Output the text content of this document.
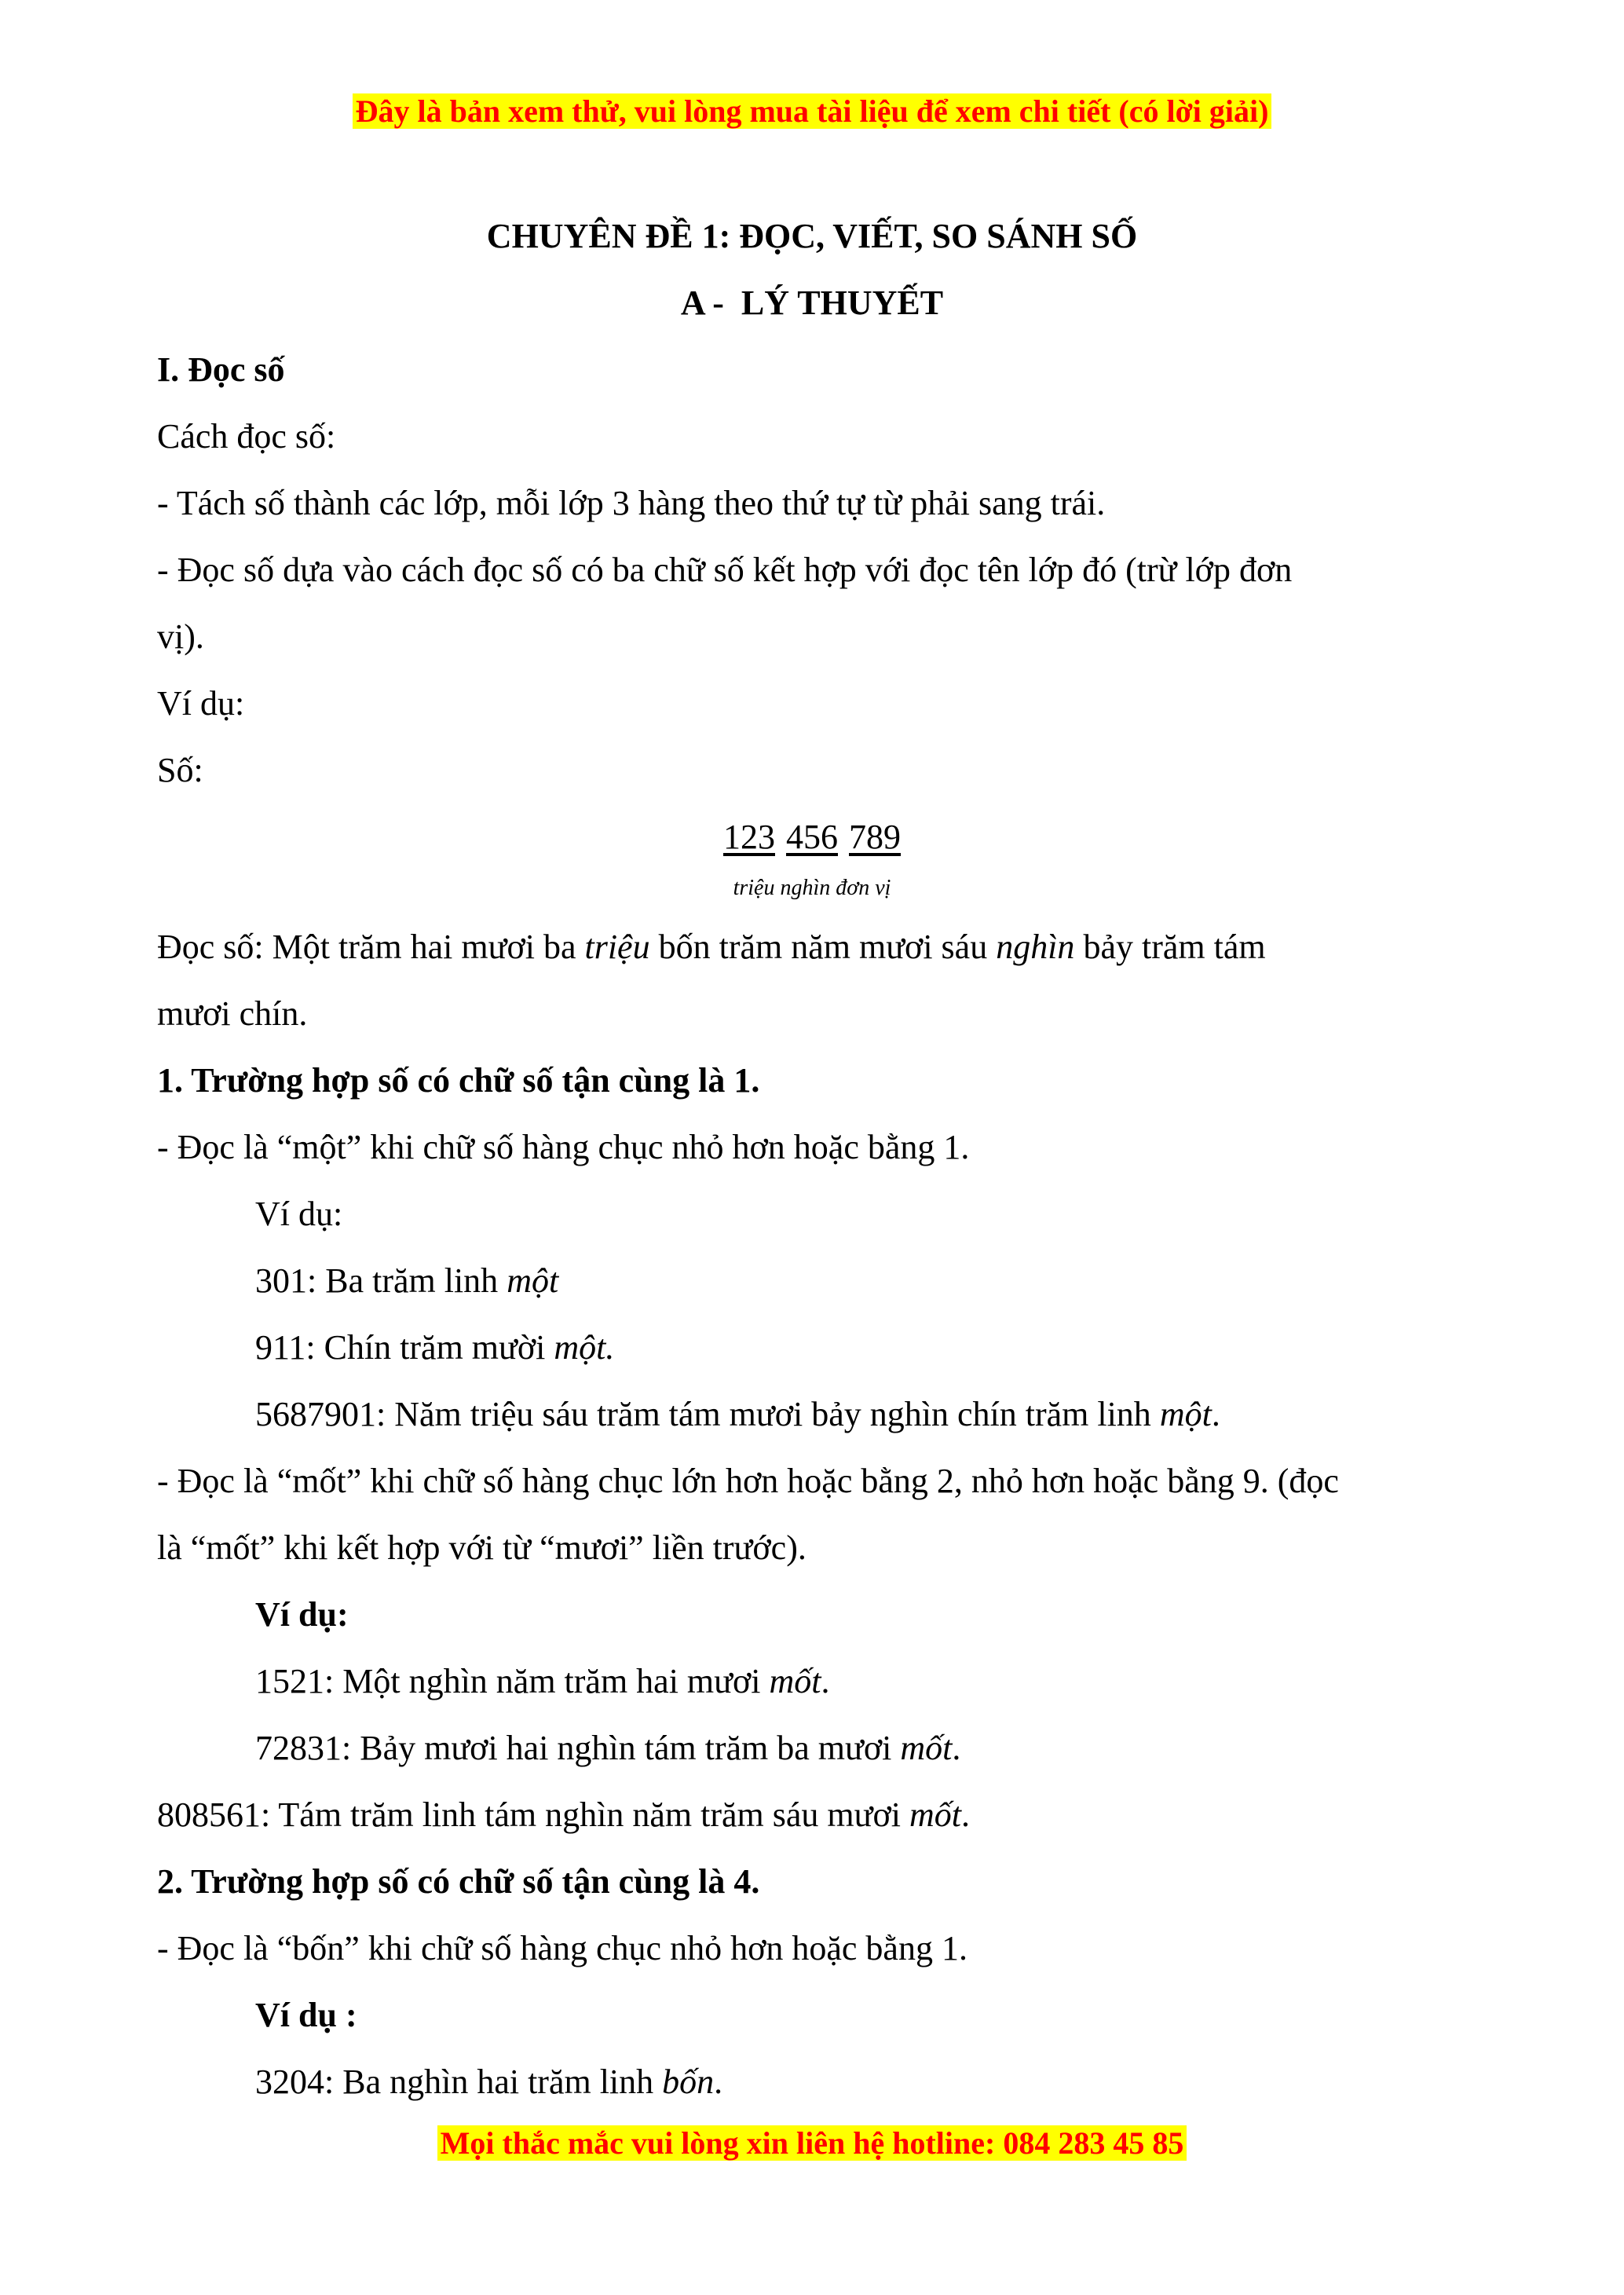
Đây là bản xem thử, vui lòng mua tài liệu để xem chi tiết (có lời giải)
CHUYÊN ĐỀ 1: ĐỌC, VIẾT, SO SÁNH SỐ
A -  LÝ THUYẾT
I. Đọc số
Cách đọc số:
- Tách số thành các lớp, mỗi lớp 3 hàng theo thứ tự từ phải sang trái.
- Đọc số dựa vào cách đọc số có ba chữ số kết hợp với đọc tên lớp đó (trừ lớp đơn
vị).
Ví dụ:
Số:
123 456 789
triệu nghìn đơn vị
Đọc số: Một trăm hai mươi ba triệu bốn trăm năm mươi sáu nghìn bảy trăm tám
mươi chín.
1. Trường hợp số có chữ số tận cùng là 1.
- Đọc là “một” khi chữ số hàng chục nhỏ hơn hoặc bằng 1.
Ví dụ:
301: Ba trăm linh một
911: Chín trăm mười một.
5687901: Năm triệu sáu trăm tám mươi bảy nghìn chín trăm linh một.
- Đọc là “mốt” khi chữ số hàng chục lớn hơn hoặc bằng 2, nhỏ hơn hoặc bằng 9. (đọc
là “mốt” khi kết hợp với từ “mươi” liền trước).
Ví dụ:
1521: Một nghìn năm trăm hai mươi mốt.
72831: Bảy mươi hai nghìn tám trăm ba mươi mốt.
808561: Tám trăm linh tám nghìn năm trăm sáu mươi mốt.
2. Trường hợp số có chữ số tận cùng là 4.
- Đọc là “bốn” khi chữ số hàng chục nhỏ hơn hoặc bằng 1.
Ví dụ :
3204: Ba nghìn hai trăm linh bốn.
Mọi thắc mắc vui lòng xin liên hệ hotline: 084 283 45 85
